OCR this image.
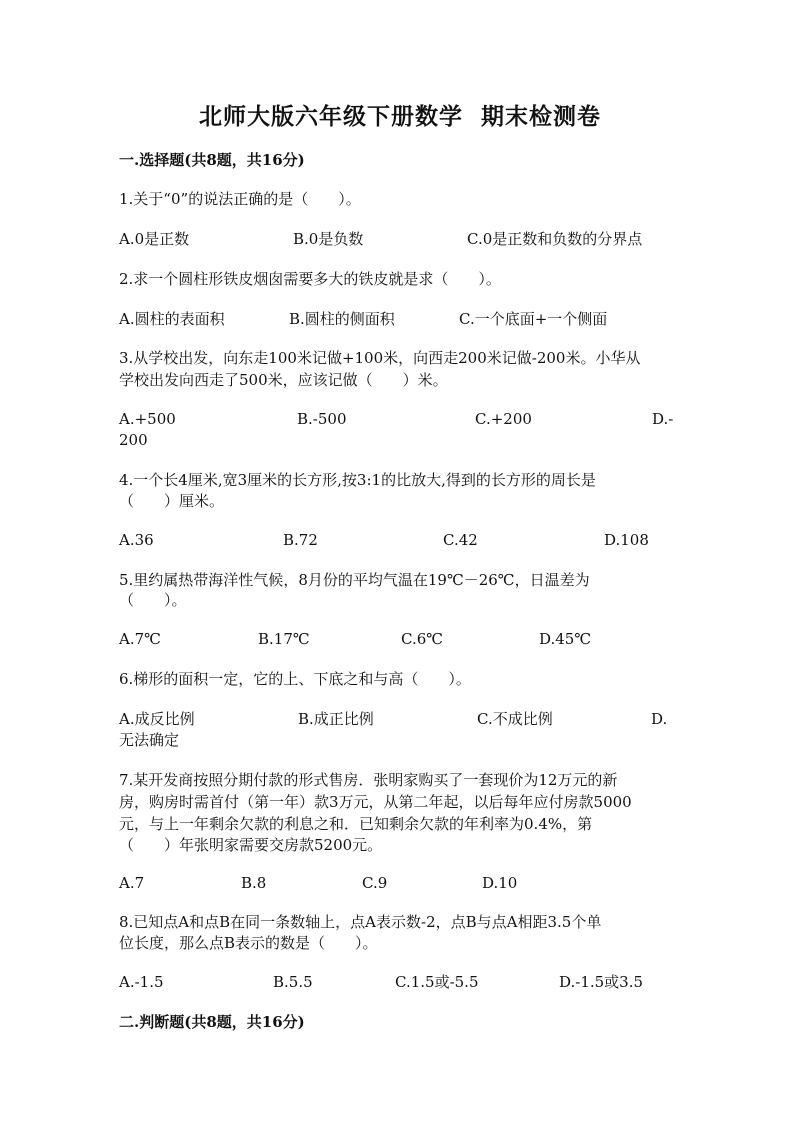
北师大版六年级下册数学  期末检测卷
一.选择题(共8题，共16分)
1.关于“0”的说法正确的是（　　）。
A.0是正数	B.0是负数	C.0是正数和负数的分界点
2.求一个圆柱形铁皮烟囱需要多大的铁皮就是求（　　）。
A.圆柱的表面积	B.圆柱的侧面积	C.一个底面+一个侧面
3.从学校出发，向东走100米记做+100米，向西走200米记做-200米。小华从
学校出发向西走了500米，应该记做（　　）米。
A.+500	B.-500	C.+200	D.-
200
4.一个长4厘米,宽3厘米的长方形,按3:1的比放大,得到的长方形的周长是
（　　）厘米。
A.36	B.72	C.42	D.108
5.里约属热带海洋性气候，8月份的平均气温在19℃－26℃，日温差为
（　　）。
A.7℃	B.17℃	C.6℃	D.45℃
6.梯形的面积一定，它的上、下底之和与高（　　）。
A.成反比例	B.成正比例	C.不成比例	D.
无法确定
7.某开发商按照分期付款的形式售房．张明家购买了一套现价为12万元的新
房，购房时需首付（第一年）款3万元，从第二年起，以后每年应付房款5000
元，与上一年剩余欠款的利息之和．已知剩余欠款的年利率为0.4%，第
（　　）年张明家需要交房款5200元。
A.7	B.8	C.9	D.10
8.已知点A和点B在同一条数轴上，点A表示数-2，点B与点A相距3.5个单
位长度，那么点B表示的数是（　　）。
A.-1.5	B.5.5	C.1.5或-5.5	D.-1.5或3.5
二.判断题(共8题，共16分)
